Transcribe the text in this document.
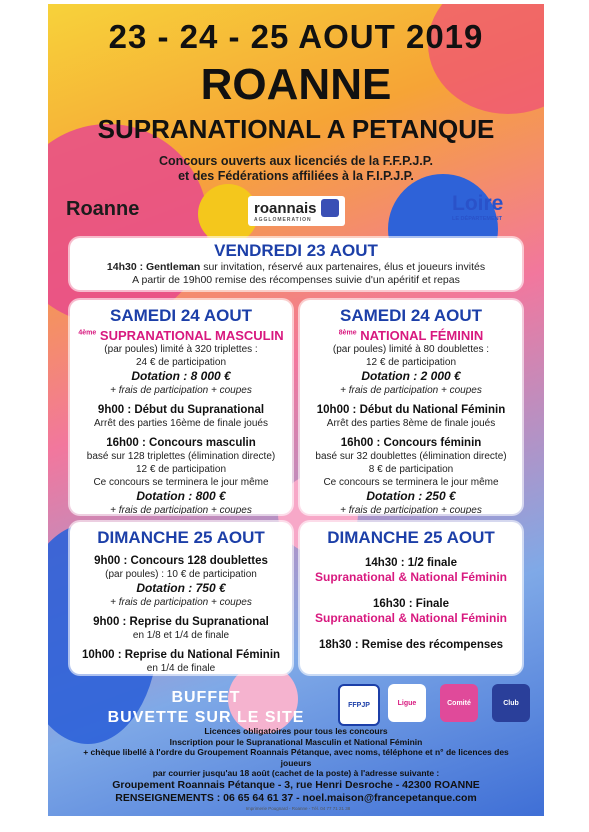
23 - 24 - 25 AOUT 2019
ROANNE
SUPRANATIONAL A PETANQUE
Concours ouverts aux licenciés de la F.F.P.J.P.
et des Fédérations affiliées à la F.I.P.J.P.
Roanne	roannais
AGGLOMERATION
Loire
LE DÉPARTEMENT
VENDREDI 23 AOUT
14h30 : Gentleman sur invitation, réservé aux partenaires, élus et joueurs invités
A partir de 19h00 remise des récompenses suivie d'un apéritif et repas
SAMEDI 24 AOUT
$^{4ème}$ SUPRANATIONAL MASCULIN
(par poules) limité à 320 triplettes :
24 € de participation
Dotation : 8 000 €
+ frais de participation + coupes
9h00 : Début du Supranational
Arrêt des parties 16ème de finale joués
16h00 : Concours masculin
basé sur 128 triplettes (élimination directe)
12 € de participation
Ce concours se terminera le jour même
Dotation : 800 €
+ frais de participation + coupes
SAMEDI 24 AOUT
$^{8ème}$ NATIONAL FÉMININ
(par poules) limité à 80 doublettes :
12 € de participation
Dotation : 2 000 €
+ frais de participation + coupes
10h00 : Début du National Féminin
Arrêt des parties 8ème de finale joués
16h00 : Concours féminin
basé sur 32 doublettes (élimination directe)
8 € de participation
Ce concours se terminera le jour même
Dotation : 250 €
+ frais de participation + coupes
DIMANCHE 25 AOUT
9h00 : Concours 128 doublettes
(par poules) : 10 € de participation
Dotation : 750 €
+ frais de participation + coupes
9h00 : Reprise du Supranational
en 1/8 et 1/4 de finale
10h00 : Reprise du National Féminin
en 1/4 de finale
DIMANCHE 25 AOUT
14h30 : 1/2 finale
Supranational & National Féminin
16h30 : Finale
Supranational & National Féminin
18h30 : Remise des récompenses
BUFFET
BUVETTE SUR LE SITE
FFPJP	Ligue	Comité	Club
Licences obligatoires pour tous les concours
Inscription pour le Supranational Masculin et National Féminin
+ chèque libellé à l'ordre du Groupement Roannais Pétanque, avec noms, téléphone et n° de licences des joueurs
par courrier jusqu'au 18 août (cachet de la poste) à l'adresse suivante :
Groupement Roannais Pétanque - 3, rue Henri Desroche - 42300 ROANNE
RENSEIGNEMENTS : 06 65 64 61 37 - noel.maison@francepetanque.com
Imprimerie Pougnard - Roanne - Tél. 04 77 71 21 38
